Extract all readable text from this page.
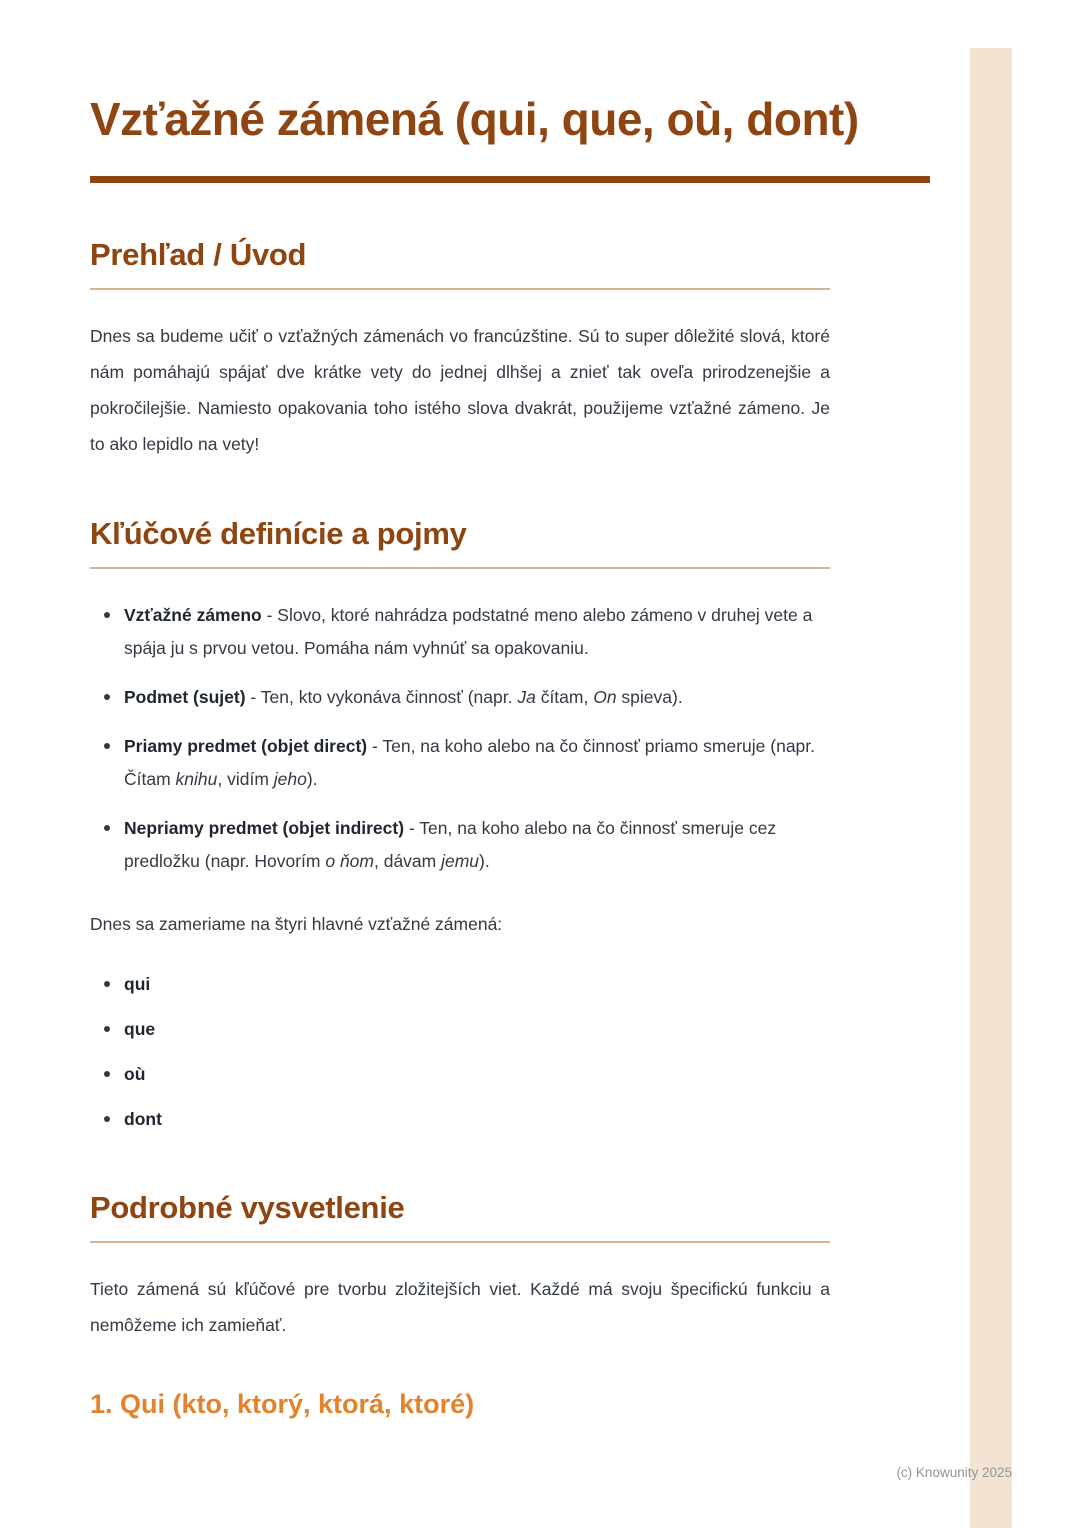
Vzťažné zámená (qui, que, où, dont)
Prehľad / Úvod

Dnes sa budeme učiť o vzťažných zámenách vo francúzštine. Sú to super dôležité slová, ktoré nám pomáhajú spájať dve krátke vety do jednej dlhšej a znieť tak oveľa prirodzenejšie a pokročilejšie. Namiesto opakovania toho istého slova dvakrát, použijeme vzťažné zámeno. Je to ako lepidlo na vety!

Kľúčové definície a pojmy
Vzťažné zámeno - Slovo, ktoré nahrádza podstatné meno alebo zámeno v druhej vete a spája ju s prvou vetou. Pomáha nám vyhnúť sa opakovaniu.
Podmet (sujet) - Ten, kto vykonáva činnosť (napr. Ja čítam, On spieva).
Priamy predmet (objet direct) - Ten, na koho alebo na čo činnosť priamo smeruje (napr. Čítam knihu, vidím jeho).
Nepriamy predmet (objet indirect) - Ten, na koho alebo na čo činnosť smeruje cez predložku (napr. Hovorím o ňom, dávam jemu).

Dnes sa zameriame na štyri hlavné vzťažné zámená:

qui
que
où
dont
Podrobné vysvetlenie

Tieto zámená sú kľúčové pre tvorbu zložitejších viet. Každé má svoju špecifickú funkciu a nemôžeme ich zamieňať.

1. Qui (kto, ktorý, ktorá, ktoré)
(c) Knowunity 2025
